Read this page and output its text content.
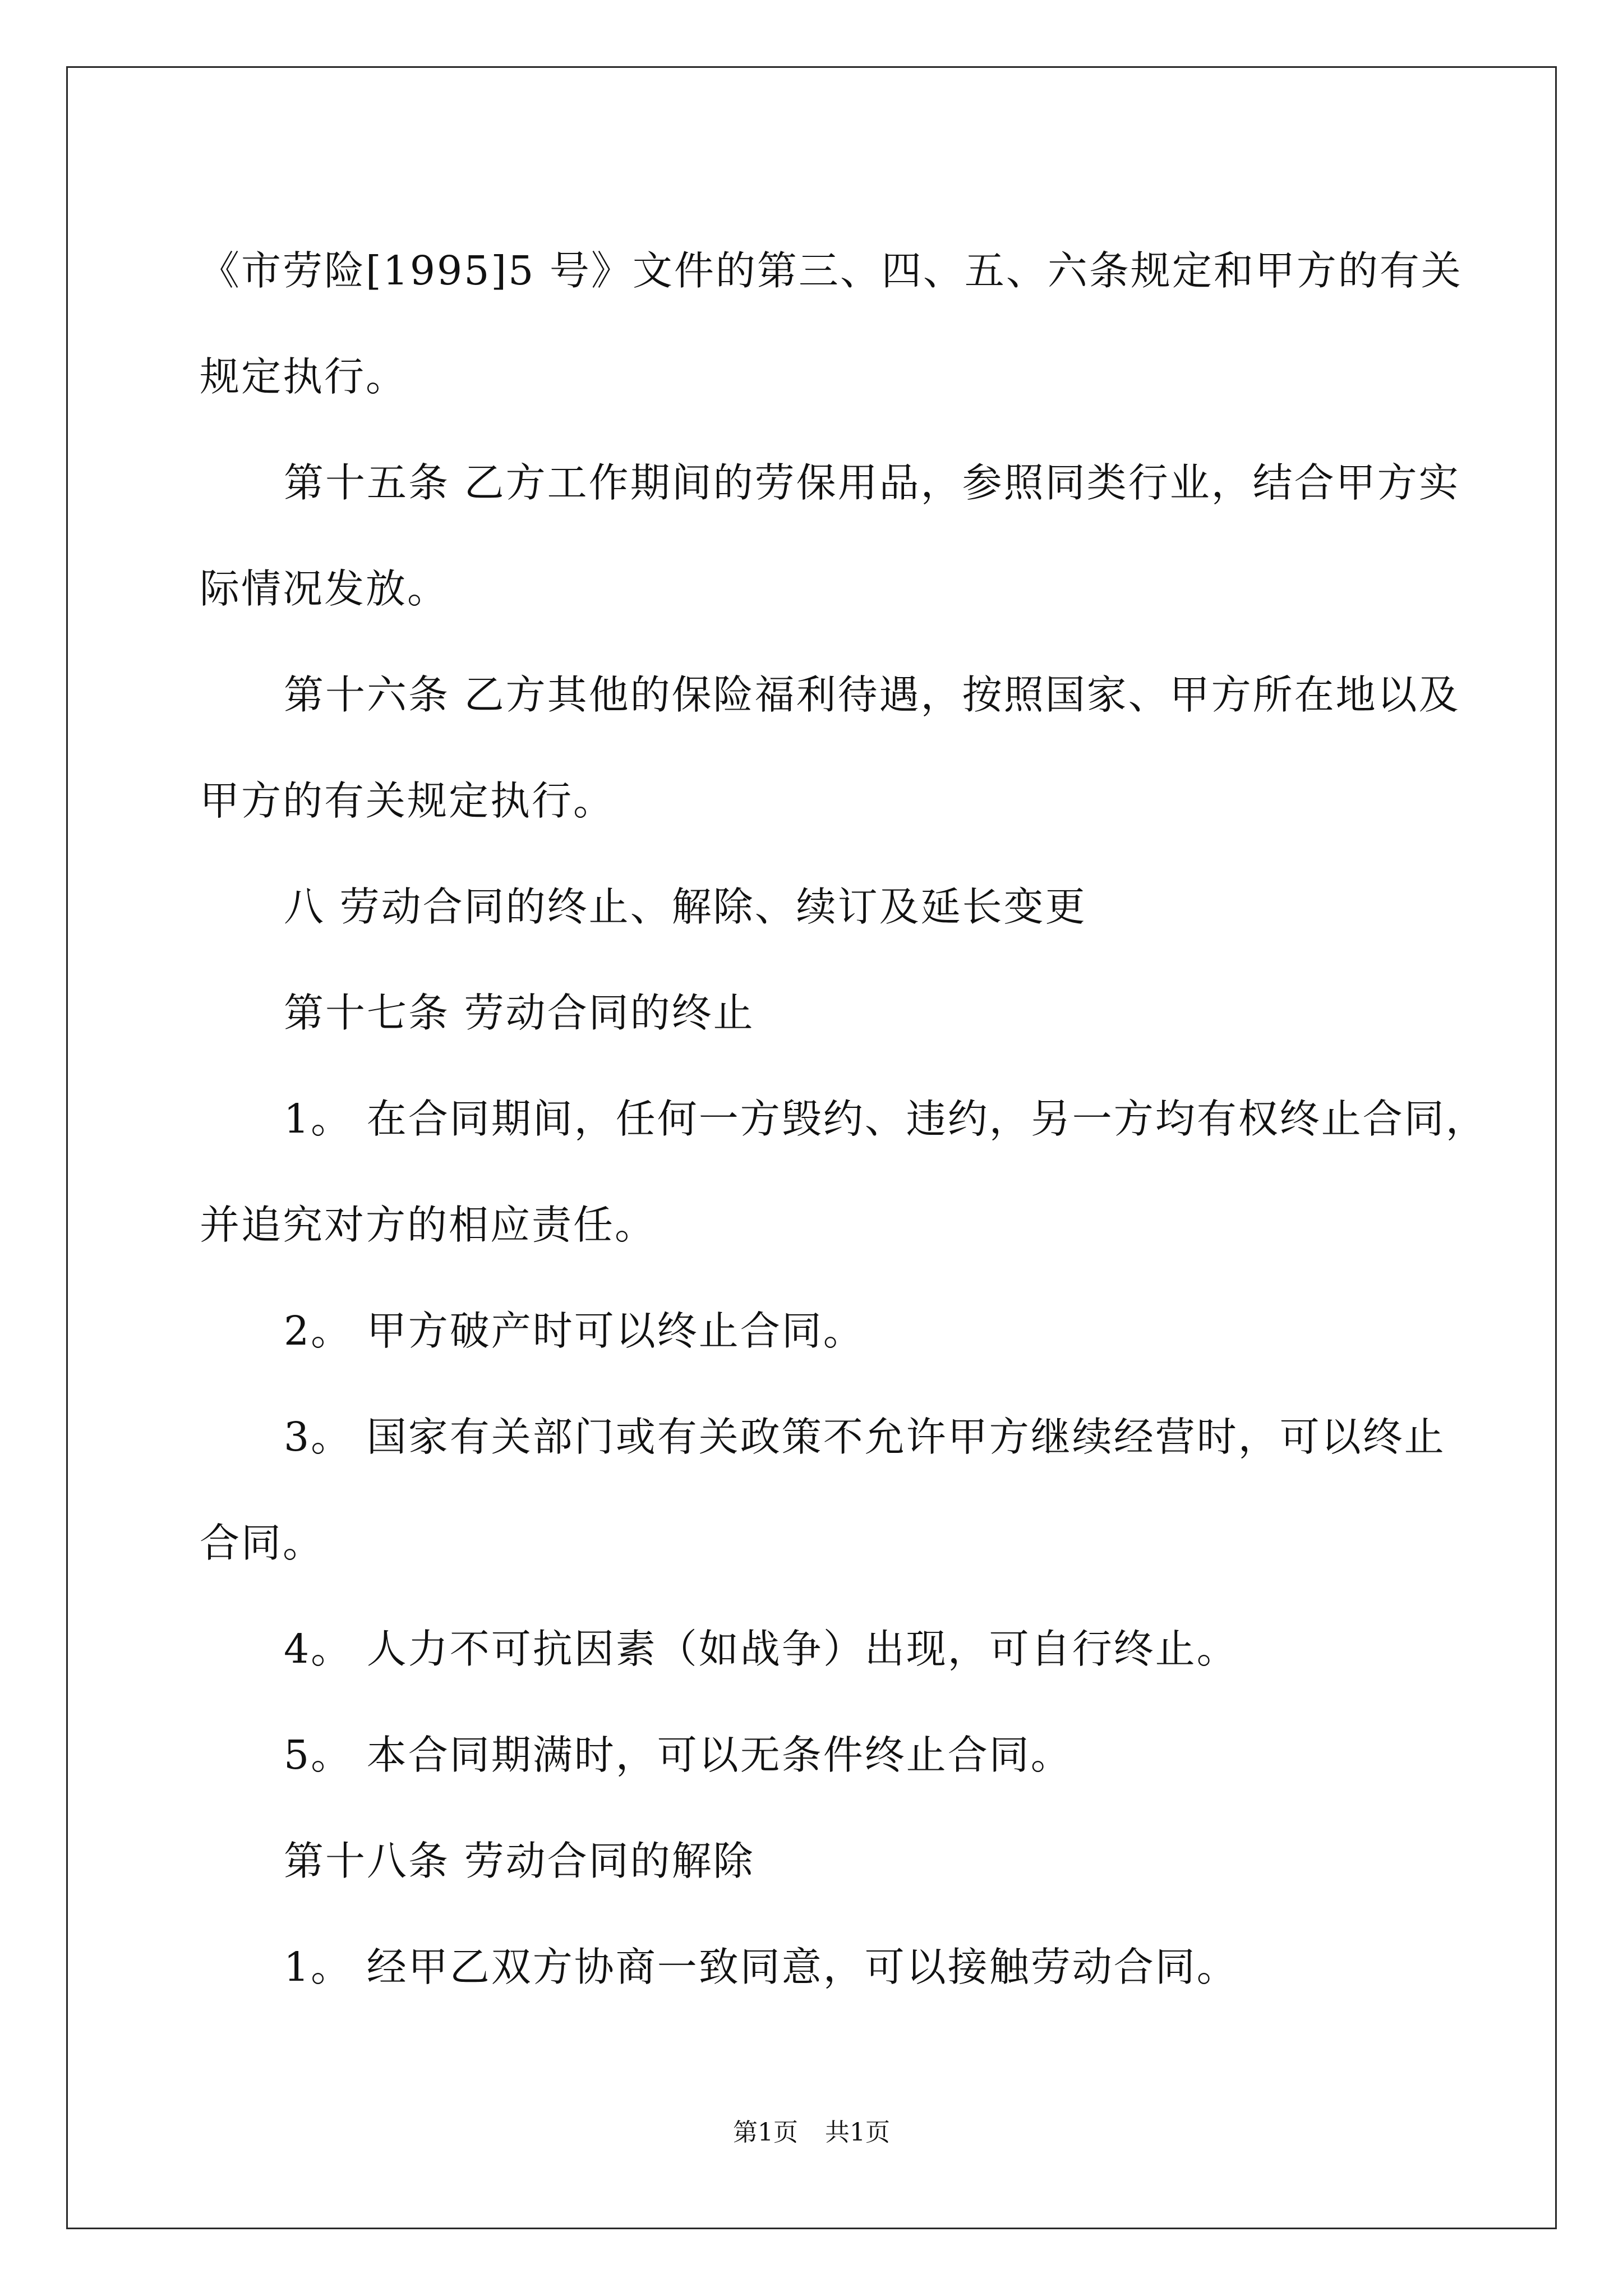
《市劳险[1995]5 号》文件的第三、四、五、六条规定和甲方的有关

规定执行。

第十五条 乙方工作期间的劳保用品，参照同类行业，结合甲方实

际情况发放。

第十六条 乙方其他的保险福利待遇，按照国家、甲方所在地以及

甲方的有关规定执行。

八 劳动合同的终止、解除、续订及延长变更

第十七条 劳动合同的终止

1。 在合同期间，任何一方毁约、违约，另一方均有权终止合同，

并追究对方的相应责任。

2。 甲方破产时可以终止合同。

3。 国家有关部门或有关政策不允许甲方继续经营时，可以终止

合同。

4。 人力不可抗因素（如战争）出现，可自行终止。

5。 本合同期满时，可以无条件终止合同。

第十八条 劳动合同的解除

1。 经甲乙双方协商一致同意，可以接触劳动合同。

第1页 共1页
